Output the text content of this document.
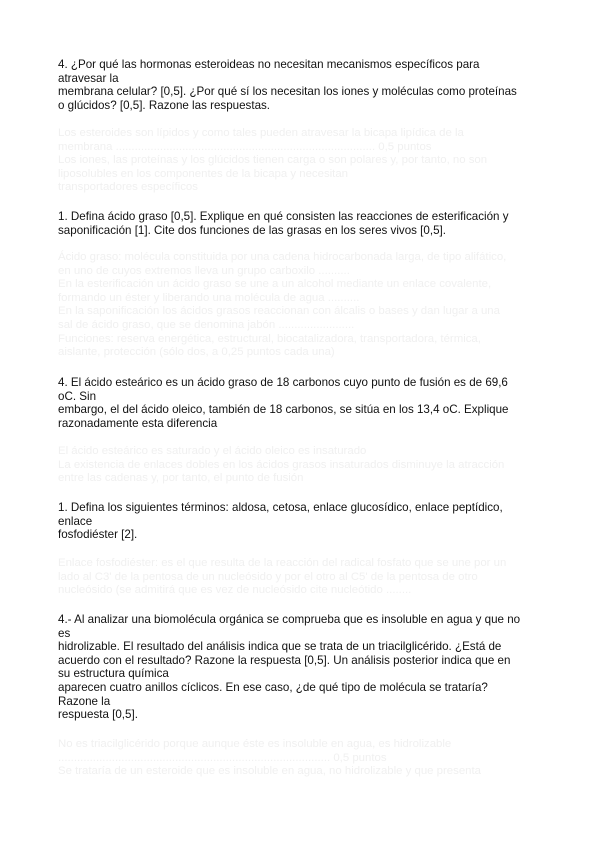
4. ¿Por qué las hormonas esteroideas no necesitan mecanismos específicos para
atravesar la
membrana celular? [0,5]. ¿Por qué sí los necesitan los iones y moléculas como proteínas
o glúcidos? [0,5]. Razone las respuestas.
Los esteroides son lípidos y como tales pueden atravesar la bicapa lipídica de la
membrana .................................................................................. 0,5 puntos
Los iones, las proteínas y los glúcidos tienen carga o son polares y, por tanto, no son
liposolubles en los componentes de la bicapa y necesitan
transportadores específicos
1. Defina ácido graso [0,5]. Explique en qué consisten las reacciones de esterificación y
saponificación [1]. Cite dos funciones de las grasas en los seres vivos [0,5].
Ácido graso: molécula constituida por una cadena hidrocarbonada larga, de tipo alifático,
en uno de cuyos extremos lleva un grupo carboxilo ..........
En la esterificación un ácido graso se une a un alcohol mediante un enlace covalente,
formando un éster y liberando una molécula de agua ..........
En la saponificación los ácidos grasos reaccionan con álcalis o bases y dan lugar a una
sal de ácido graso, que se denomina jabón ........................
Funciones: reserva energética, estructural, biocatalizadora, transportadora, térmica,
aislante, protección (sólo dos, a 0,25 puntos cada una)
4. El ácido esteárico es un ácido graso de 18 carbonos cuyo punto de fusión es de 69,6
oC. Sin
embargo, el del ácido oleico, también de 18 carbonos, se sitúa en los 13,4 oC. Explique
razonadamente esta diferencia
El ácido esteárico es saturado y el ácido oleico es insaturado
La existencia de enlaces dobles en los ácidos grasos insaturados disminuye la atracción
entre las cadenas y, por tanto, el punto de fusión
1. Defina los siguientes términos: aldosa, cetosa, enlace glucosídico, enlace peptídico,
enlace
fosfodiéster [2].
Enlace fosfodiéster: es el que resulta de la reacción del radical fosfato que se une por un
lado al C3' de la pentosa de un nucleósido y por el otro al C5' de la pentosa de otro
nucleósido (se admitirá que es vez de nucleósido cite nucleótido ........
4.- Al analizar una biomolécula orgánica se comprueba que es insoluble en agua y que no
es
hidrolizable. El resultado del análisis indica que se trata de un triacilglicérido. ¿Está de
acuerdo con el resultado? Razone la respuesta [0,5]. Un análisis posterior indica que en
su estructura química
aparecen cuatro anillos cíclicos. En ese caso, ¿de qué tipo de molécula se trataría?
Razone la
respuesta [0,5].
No es triacilglicérido porque aunque éste es insoluble en agua, es hidrolizable
...................................................................................... 0,5 puntos
Se trataría de un esteroide que es insoluble en agua, no hidrolizable y que presenta
